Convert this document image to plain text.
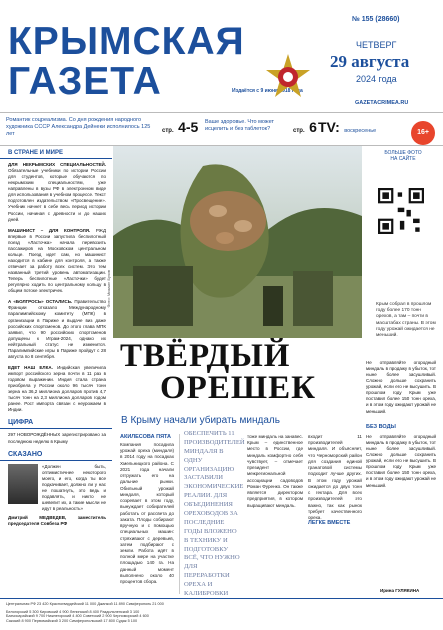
КРЫМСКАЯ
ГАЗЕТА
№ 155 (28660)
ЧЕТВЕРГ
29 августа
2024 года
GAZETACRIMEA.RU
Издаётся с 9 июня 1918 года
Романтик соцреализма. Со дня рождения народного художника СССР Александра Дейнеки исполнилось 125 лет
стр. 4-5 Ваше здоровье. Что может исцелить и без таблеток?	стр. 6 TV: воскресенье	16+
В СТРАНЕ И МИРЕ
ДЛЯ НЕКРЫМСКИХ СПЕЦИАЛЬНОСТЕЙ. Обязательные учебники по истории России для студентов, которые обучаются по некрымским специальностям, уже направлены в вузы РФ в электронном виде для использования в учебном процессе. Текст подготовлен издательством «Просвещение». Учебник начнет в себе весь период истории России, начиная с древности и до наших дней.
МАШИНИСТ – ДЛЯ КОНТРОЛЯ. РЖД впервые в России запустила беспилотный поезд «Ласточка» начала перевозить пассажиров на Московском центральном кольце. Поезд идет сам, но машинист находится в кабине для контроля, а также отвечает за работу всех систем. Это тем названный третий уровень автоматизации. Теперь беспилотные «Ласточки» будет регулярно ходить по центральному кольцу в общем потоке электричек.
А «БОЛГРОСЬ» ОСТАЛИСЬ. Правительство Франции отказало Международному паралимпийскому комитету (МПК) в организации в Париже и выдаче виз даже российских спортсменов. До этого глава МПК заявил, что 90 российских спортсменов допущены к Играм-2024, однако их нейтральный статус не изменится. Паралимпийские игры в Париже пройдут с 28 августа по 8 сентября.
ЕДЕТ НАШ ЕЛКА. Индийская увеличила импорт российского зерна почти в 11 раз в годовом выражении. Индия стала страна приобрела у России около 96 тысяч тонн зерна на 36,2 миллиона долларов против 4,7 тысяч тонн на 2,3 миллиона долларов годом ранее. Рост импорта связан с неурожаем в Индии.
ЦИФРА
297 НОВОРОЖДЁННЫХ зарегистрировано за последнюю неделю в Крыму
СКАЗАНО
«Должен быть, оптимистичнее некоторого моего, и его, когда ты все подкачивает, должно ли у нас не пошатнуть, это ведь и подавлять, и никто не шевелит их, а такие мысли не идут в реальность»
Дмитрий МЕДВЕДЕВ, заместитель председателя Совбеза РФ
БОЛЬШЕ ФОТО НА САЙТЕ
Крым собрал в прошлом году более 170 тонн орехов, а там – почти в масштабах страны. В этом году урожай ожидается не меньший.
Фото: Михаил Бузов
ТВЁРДЫЙ
ОРЕШЕК
В Крыму начали убирать миндаль
Не отправляйте огородный миндаль в продажу в убыток, тот ныне более засушливый. Сложно дольше сохранить урожай, если его не высушить. В прошлом году Крым уже поставил более 150 тонн ореха, и в этом году ожидают урожай не меньший.
АКИЛЕСОВА ПЯТА
Компания посадила урожай ореха (миндаля) в 2014 году на посадках Хмельницкого района. С 2021 года начали отгружать его на дальние рынки. Обильный урожай миндаля, который созревает в этом году, вынуждает собирателей работать от рассвета до заката. Плоды собирают вручную и с помощью специальных машин: стряхивают с деревьев, затем подбирают с земли. Работа идёт в полной мере на участке площадью 140 га. На данный момент выполнено около 40 процентов сбора.
ОБЕСПЕЧИТЬ 11 ПРОИЗВОДИТЕЛЕЙ МИНДАЛЯ В ОДНУ ОРГАНИЗАЦИЮ ЗАСТАВИЛИ ЭКОНОМИЧЕСКИЕ РЕАЛИИ. ДЛЯ ОБЪЕДИНЕНИЯ ОРЕХОВОДОВ ЗА ПОСЛЕДНИЕ ГОДЫ ВЛОЖЕНО В ТЕХНИКУ И ПОДГОТОВКУ ВСЁ, ЧТО НУЖНО ДЛЯ ПЕРЕРАБОТКИ ОРЕХА И КАЛИБРОВКИ
тоже миндаль на занавес. Крым – единственное место в России, где миндаль комфортно себя чувствует, – отмечает президент межрегиональной ассоциации садоводов Роман Фуренко. Он также является директором предприятия, в котором выращивают миндаль.
входит 11 производителей миндаля. И объясняет, что Черноморский район для создания единой гранатовой системы подходит лучше других. В этом году урожай ожидается до двух тонн с гектара. Для всех производителей это важно, так как рынок требует качественного ореха.
ЛЕГКЕ ВМЕСТЕ
БЕЗ ВОДЫ
Не отправляйте огородный миндаль в продажу в убыток, тот ныне более засушливый. Сложно дольше сохранить урожай, если его не высушить. В прошлом году Крым уже поставил более 150 тонн ореха, и в этом году ожидают урожай не меньший.
Ирина ГУЛЯКИНА
Центральная РФ 23 420 Красногвардейский 11 000 Джанкой 11 890 Симферополь 21 000
Белогорский 5 300 Кировский 4 900 Ленинский 8 400 Раздольненский 3 100
Бахчисарайский 9 700 Нижнегорский 4 400 Советский 2 900 Черноморский 4 600
Сакский 8 900 Первомайский 3 200 Симферопольский 17 800 Судак 5 100
